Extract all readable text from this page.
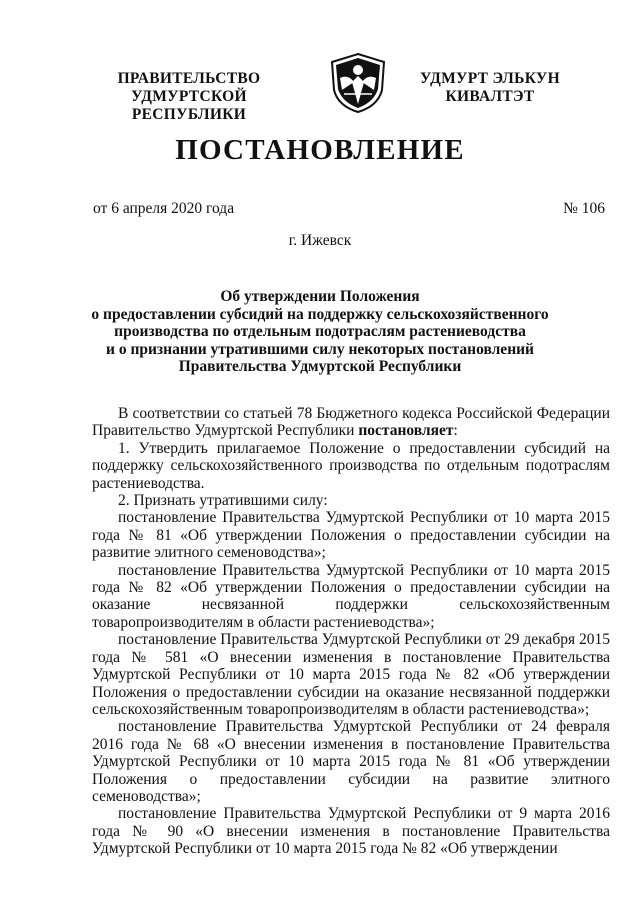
ПРАВИТЕЛЬСТВО
УДМУРТСКОЙ РЕСПУБЛИКИ
УДМУРТ ЭЛЬКУН
КИВАЛТЭТ
ПОСТАНОВЛЕНИЕ
от 6 апреля 2020 года	№ 106
г. Ижевск
Об утверждении Положения
о предоставлении субсидий на поддержку сельскохозяйственного
производства по отдельным подотраслям растениеводства
и о признании утратившими силу некоторых постановлений
Правительства Удмуртской Республики

В соответствии со статьей 78 Бюджетного кодекса Российской Федерации Правительство Удмуртской Республики постановляет:

1. Утвердить прилагаемое Положение о предоставлении субсидий на поддержку сельскохозяйственного производства по отдельным подотраслям растениеводства.

2. Признать утратившими силу:

постановление Правительства Удмуртской Республики от 10 марта 2015 года № 81 «Об утверждении Положения о предоставлении субсидии на развитие элитного семеноводства»;

постановление Правительства Удмуртской Республики от 10 марта 2015 года № 82 «Об утверждении Положения о предоставлении субсидии на оказание несвязанной поддержки сельскохозяйственным товаропроизводителям в области растениеводства»;

постановление Правительства Удмуртской Республики от 29 декабря 2015 года № 581 «О внесении изменения в постановление Правительства Удмуртской Республики от 10 марта 2015 года № 82 «Об утверждении Положения о предоставлении субсидии на оказание несвязанной поддержки сельскохозяйственным товаропроизводителям в области растениеводства»;

постановление Правительства Удмуртской Республики от 24 февраля 2016 года № 68 «О внесении изменения в постановление Правительства Удмуртской Республики от 10 марта 2015 года № 81 «Об утверждении Положения о предоставлении субсидии на развитие элитного семеноводства»;

постановление Правительства Удмуртской Республики от 9 марта 2016 года № 90 «О внесении изменения в постановление Правительства Удмуртской Республики от 10 марта 2015 года № 82 «Об утверждении
